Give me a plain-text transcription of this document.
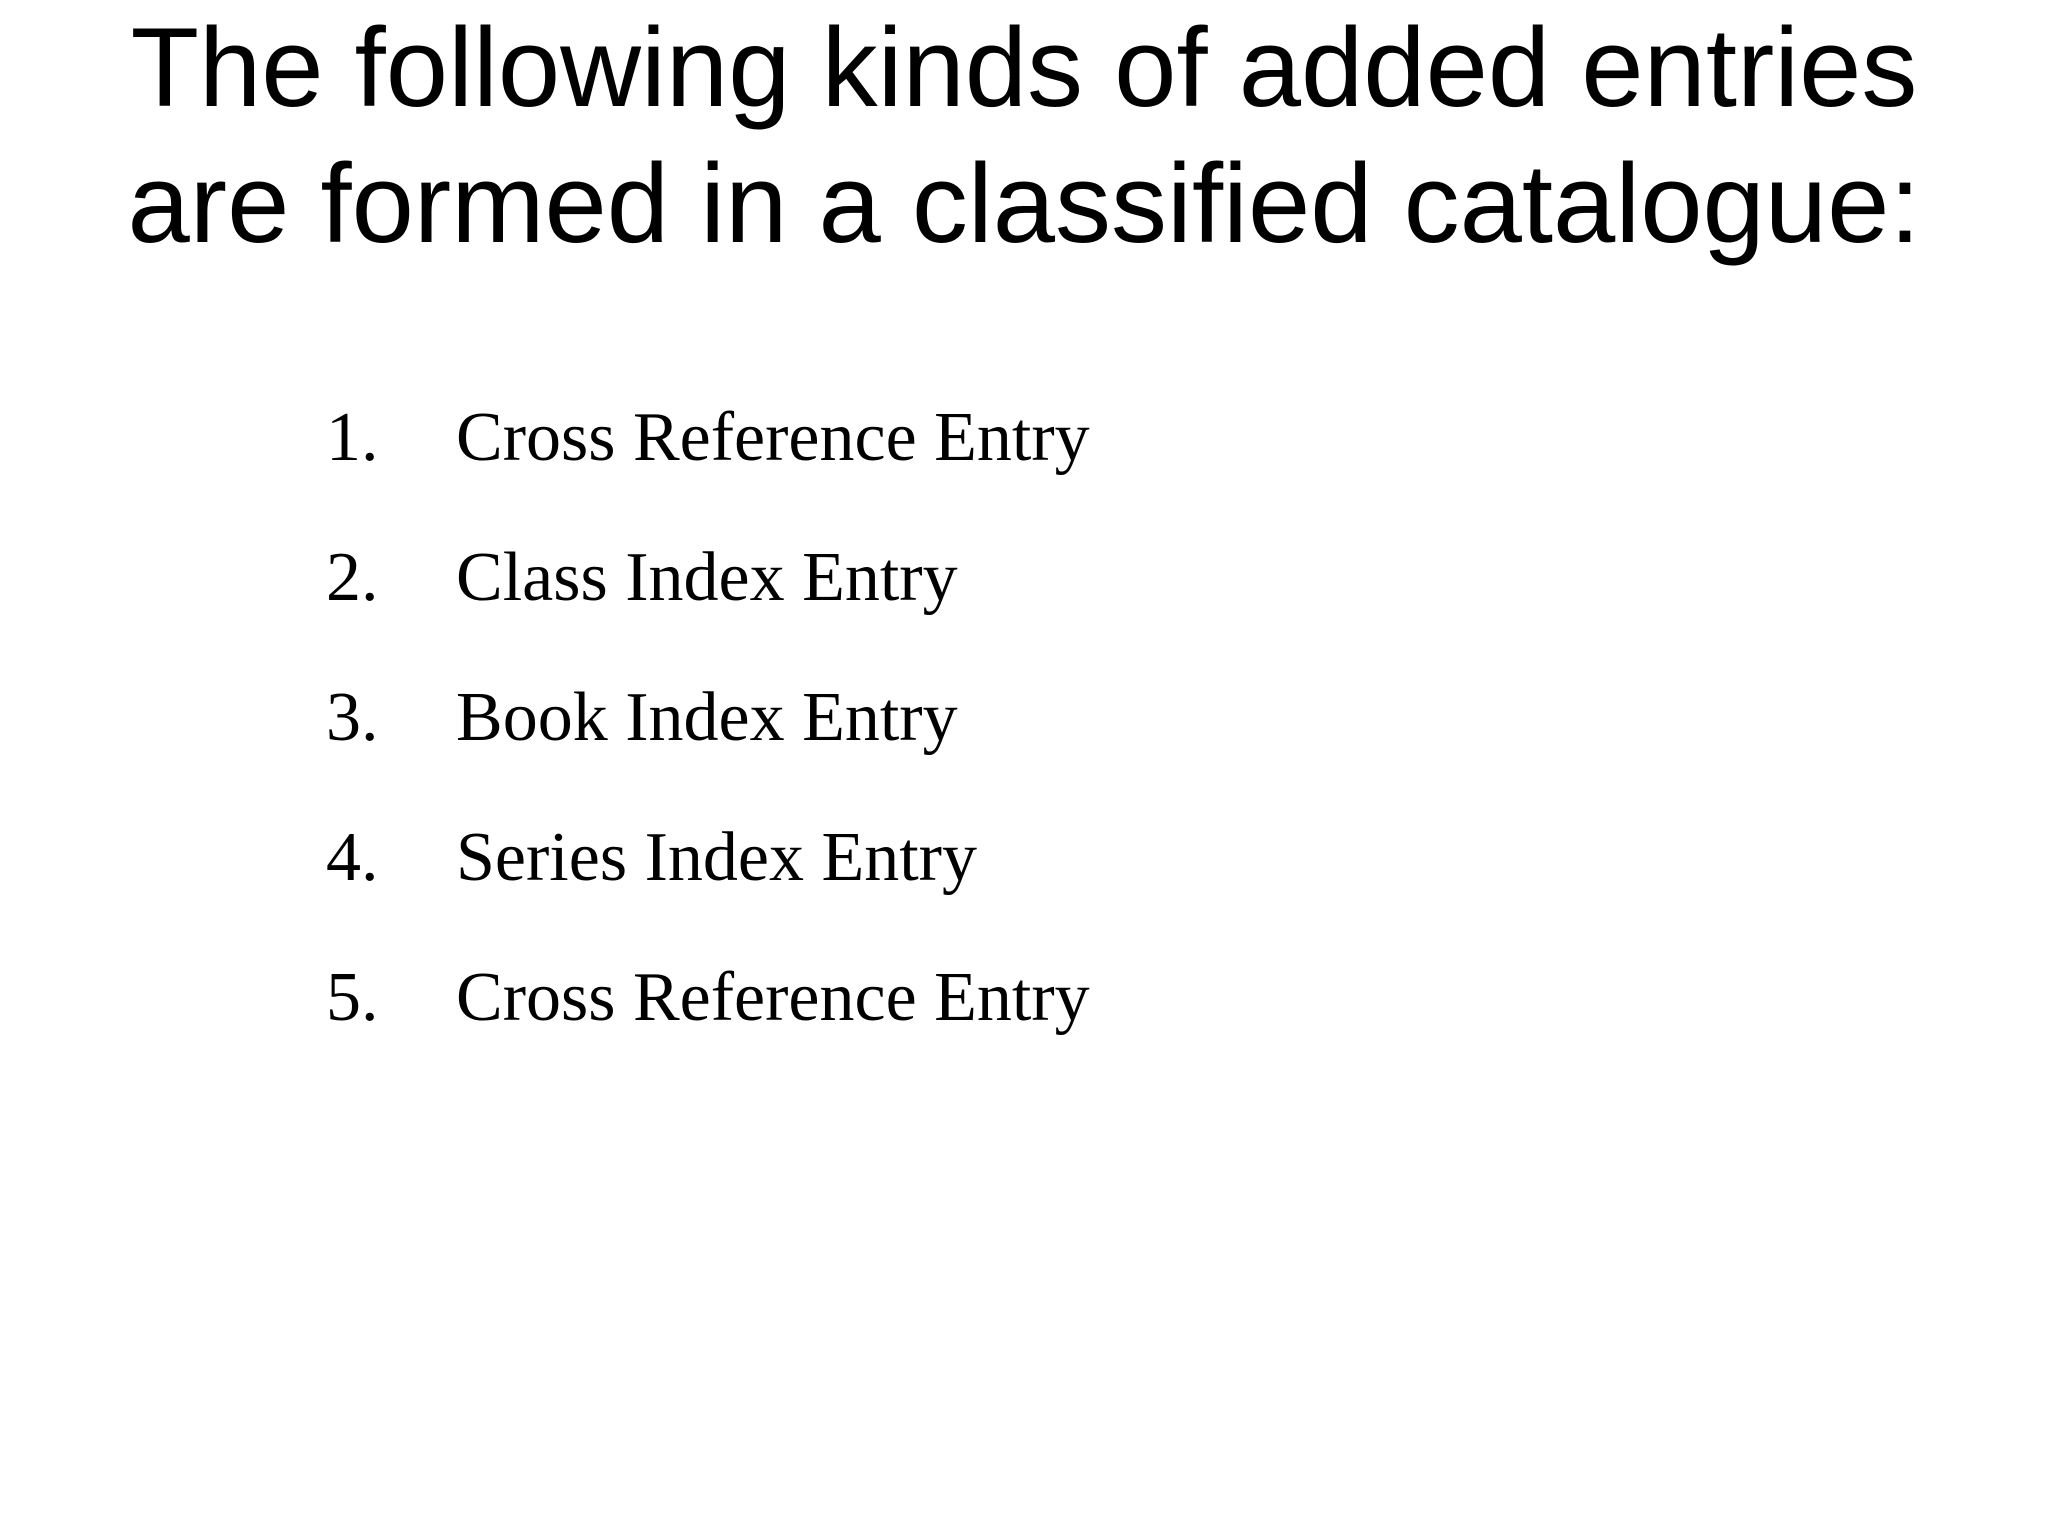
The following kinds of added entries are formed in a classified catalogue:
1.	Cross Reference Entry
2.	Class Index Entry
3.	Book Index Entry
4.	Series Index Entry
5.	Cross Reference Entry
